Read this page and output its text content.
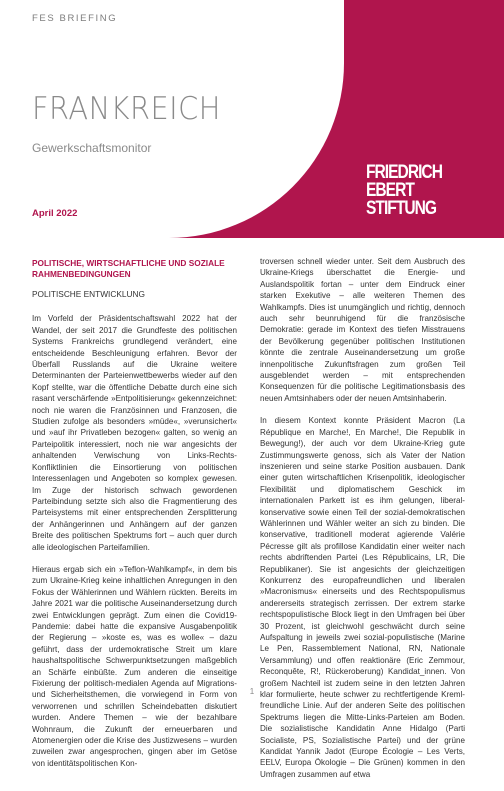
FES BRIEFING
FRANKREICH
Gewerkschaftsmonitor
April 2022
FRIEDRICH
EBERT
STIFTUNG
POLITISCHE, WIRTSCHAFTLICHE UND SOZIALE RAHMENBEDINGUNGEN
POLITISCHE ENTWICKLUNG

Im Vorfeld der Präsidentschaftswahl 2022 hat der Wandel, der seit 2017 die Grundfeste des politischen Systems Frankreichs grundlegend verändert, eine entscheidende Beschleunigung erfahren. Bevor der Überfall Russlands auf die Ukraine weitere Determinanten der Parteienwettbewerbs wieder auf den Kopf stellte, war die öffentliche Debatte durch eine sich rasant verschärfende »Entpolitisierung« gekennzeichnet: noch nie waren die Französinnen und Franzosen, die Studien zufolge als besonders »müde«, »verunsichert« und »auf ihr Privatleben bezogen« galten, so wenig an Parteipolitik interessiert, noch nie war angesichts der anhaltenden Verwischung von Links-Rechts-Konfliktlinien die Einsortierung von politischen Interessenlagen und Angeboten so komplex gewesen. Im Zuge der historisch schwach gewordenen Parteibindung setzte sich also die Fragmentierung des Parteisystems mit einer entsprechenden Zersplitterung der Anhängerinnen und Anhängern auf der ganzen Breite des politischen Spektrums fort – auch quer durch alle ideologischen Parteifamilien.

Hieraus ergab sich ein »Teflon-Wahlkampf«, in dem bis zum Ukraine-Krieg keine inhaltlichen Anregungen in den Fokus der Wählerinnen und Wählern rückten. Bereits im Jahre 2021 war die politische Auseinandersetzung durch zwei Entwicklungen geprägt. Zum einen die Covid19-Pandemie: dabei hatte die expansive Ausgabenpolitik der Regierung – »koste es, was es wolle« – dazu geführt, dass der urdemokratische Streit um klare haushaltspolitische Schwerpunktsetzungen maßgeblich an Schärfe einbüßte. Zum anderen die einseitige Fixierung der politisch-medialen Agenda auf Migrations- und Sicherheitsthemen, die vorwiegend in Form von verworrenen und schrillen Scheindebatten diskutiert wurden. Andere Themen – wie der bezahlbare Wohnraum, die Zukunft der erneuerbaren und Atomenergien oder die Krise des Justizwesens – wurden zuweilen zwar angesprochen, gingen aber im Getöse von identitätspolitischen Kon-

troversen schnell wieder unter. Seit dem Ausbruch des Ukraine-Kriegs überschattet die Energie- und Auslandspolitik fortan – unter dem Eindruck einer starken Exekutive – alle weiteren Themen des Wahlkampfs. Dies ist unumgänglich und richtig, dennoch auch sehr beunruhigend für die französische Demokratie: gerade im Kontext des tiefen Misstrauens der Bevölkerung gegenüber politischen Institutionen könnte die zentrale Auseinandersetzung um große innenpolitische Zukunftsfragen zum großen Teil ausgeblendet werden – mit entsprechenden Konsequenzen für die politische Legitimationsbasis des neuen Amtsinhabers oder der neuen Amtsinhaberin.

In diesem Kontext konnte Präsident Macron (La République en Marche!, En Marche!, Die Republik in Bewegung!), der auch vor dem Ukraine-Krieg gute Zustimmungswerte genoss, sich als Vater der Nation inszenieren und seine starke Position ausbauen. Dank einer guten wirtschaftlichen Krisenpolitik, ideologischer Flexibilität und diplomatischem Geschick im internationalen Parkett ist es ihm gelungen, liberal-konservative sowie einen Teil der sozial-demokratischen Wählerinnen und Wähler weiter an sich zu binden. Die konservative, traditionell moderat agierende Valérie Pécresse gilt als profillose Kandidatin einer weiter nach rechts abdriftenden Partei (Les Républicains, LR, Die Republikaner). Sie ist angesichts der gleichzeitigen Konkurrenz des europafreundlichen und liberalen »Macronismus« einerseits und des Rechtspopulismus andererseits strategisch zerrissen. Der extrem starke rechtspopulistische Block liegt in den Umfragen bei über 30 Prozent, ist gleichwohl geschwächt durch seine Aufspaltung in jeweils zwei sozial-populistische (Marine Le Pen, Rassemblement National, RN, Nationale Versammlung) und offen reaktionäre (Eric Zemmour, Reconquête, R!, Rückeroberung) Kandidat_innen. Von großem Nachteil ist zudem seine in den letzten Jahren klar formulierte, heute schwer zu rechtfertigende Kreml-freundliche Linie. Auf der anderen Seite des politischen Spektrums liegen die Mitte-Links-Parteien am Boden. Die sozialistische Kandidatin Anne Hidalgo (Parti Socialiste, PS, Sozialistische Partei) und der grüne Kandidat Yannik Jadot (Europe Écologie – Les Verts, EELV, Europa Ökologie – Die Grünen) kommen in den Umfragen zusammen auf etwa

1
